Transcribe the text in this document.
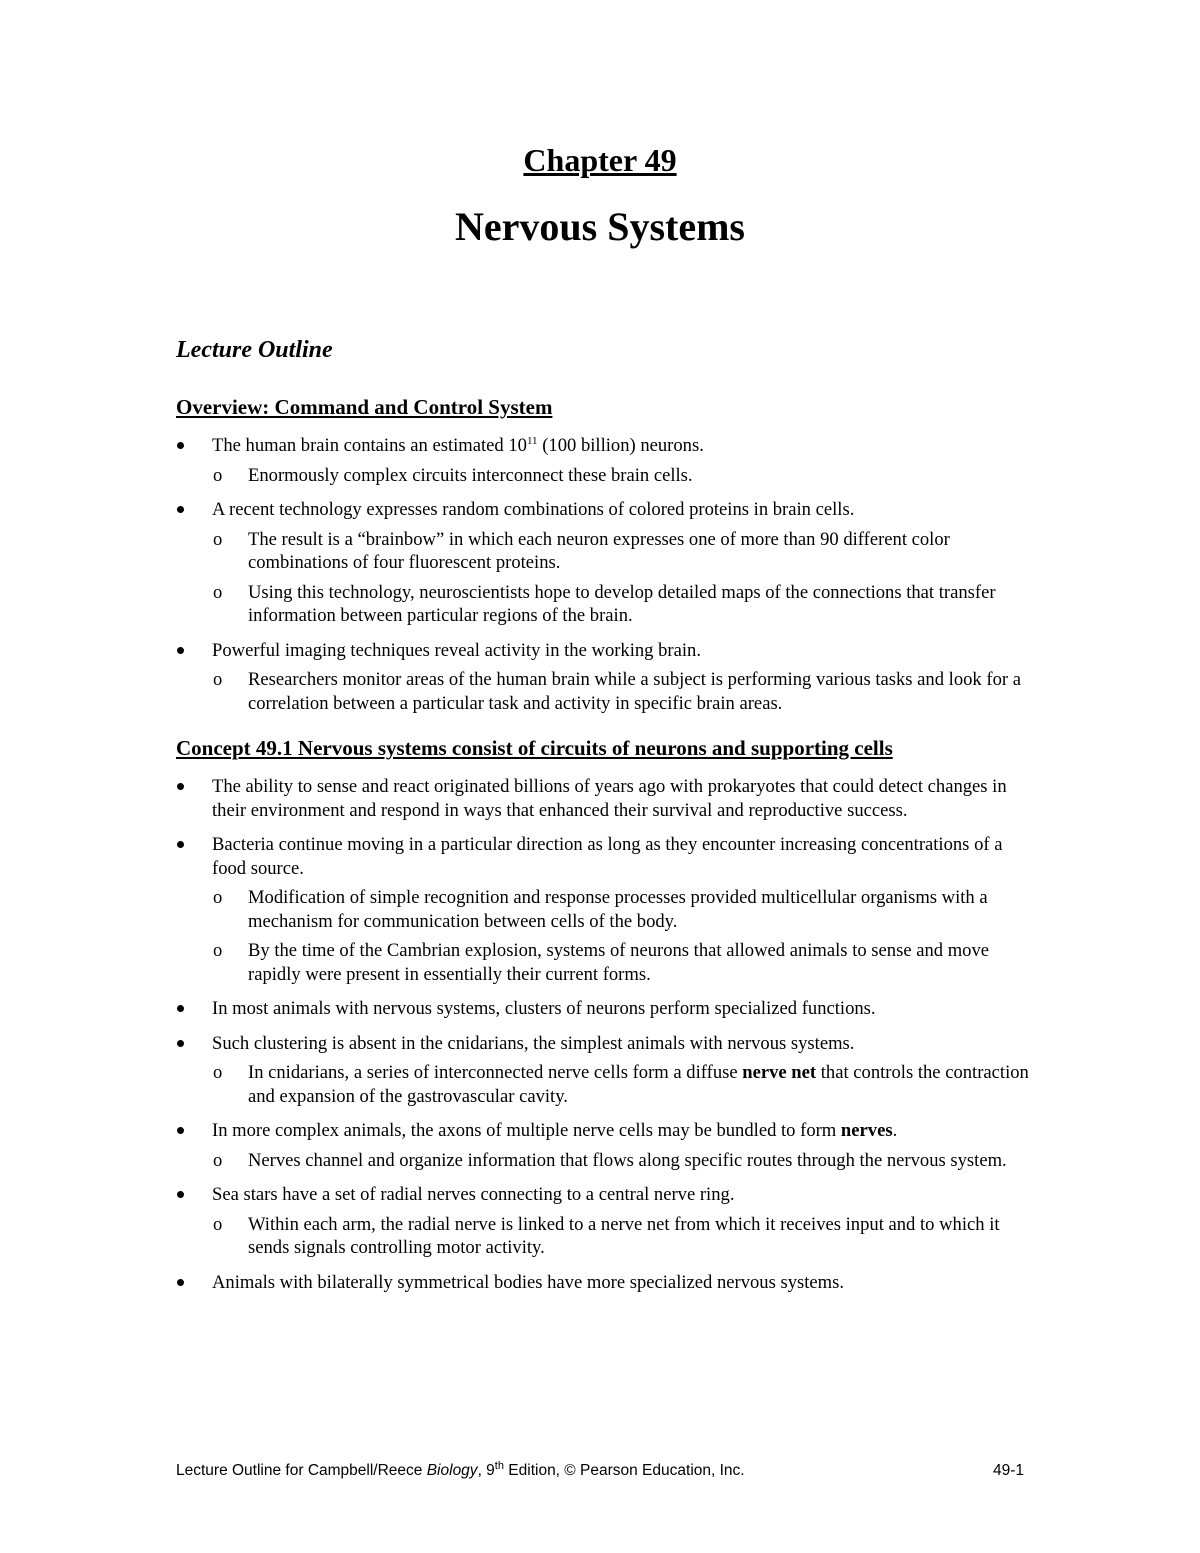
Chapter 49
Nervous Systems
Lecture Outline
Overview: Command and Control System
The human brain contains an estimated $10^{11}$ (100 billion) neurons.
o Enormously complex circuits interconnect these brain cells.
A recent technology expresses random combinations of colored proteins in brain cells.
o The result is a “brainbow” in which each neuron expresses one of more than 90 different color combinations of four fluorescent proteins.
o Using this technology, neuroscientists hope to develop detailed maps of the connections that transfer information between particular regions of the brain.
Powerful imaging techniques reveal activity in the working brain.
o Researchers monitor areas of the human brain while a subject is performing various tasks and look for a correlation between a particular task and activity in specific brain areas.
Concept 49.1 Nervous systems consist of circuits of neurons and supporting cells
The ability to sense and react originated billions of years ago with prokaryotes that could detect changes in their environment and respond in ways that enhanced their survival and reproductive success.
Bacteria continue moving in a particular direction as long as they encounter increasing concentrations of a food source.
o Modification of simple recognition and response processes provided multicellular organisms with a mechanism for communication between cells of the body.
o By the time of the Cambrian explosion, systems of neurons that allowed animals to sense and move rapidly were present in essentially their current forms.
In most animals with nervous systems, clusters of neurons perform specialized functions.
Such clustering is absent in the cnidarians, the simplest animals with nervous systems.
o In cnidarians, a series of interconnected nerve cells form a diffuse nerve net that controls the contraction and expansion of the gastrovascular cavity.
In more complex animals, the axons of multiple nerve cells may be bundled to form nerves.
o Nerves channel and organize information that flows along specific routes through the nervous system.
Sea stars have a set of radial nerves connecting to a central nerve ring.
o Within each arm, the radial nerve is linked to a nerve net from which it receives input and to which it sends signals controlling motor activity.
Animals with bilaterally symmetrical bodies have more specialized nervous systems.
Lecture Outline for Campbell/Reece Biology, 9th Edition, © Pearson Education, Inc.	49-1
